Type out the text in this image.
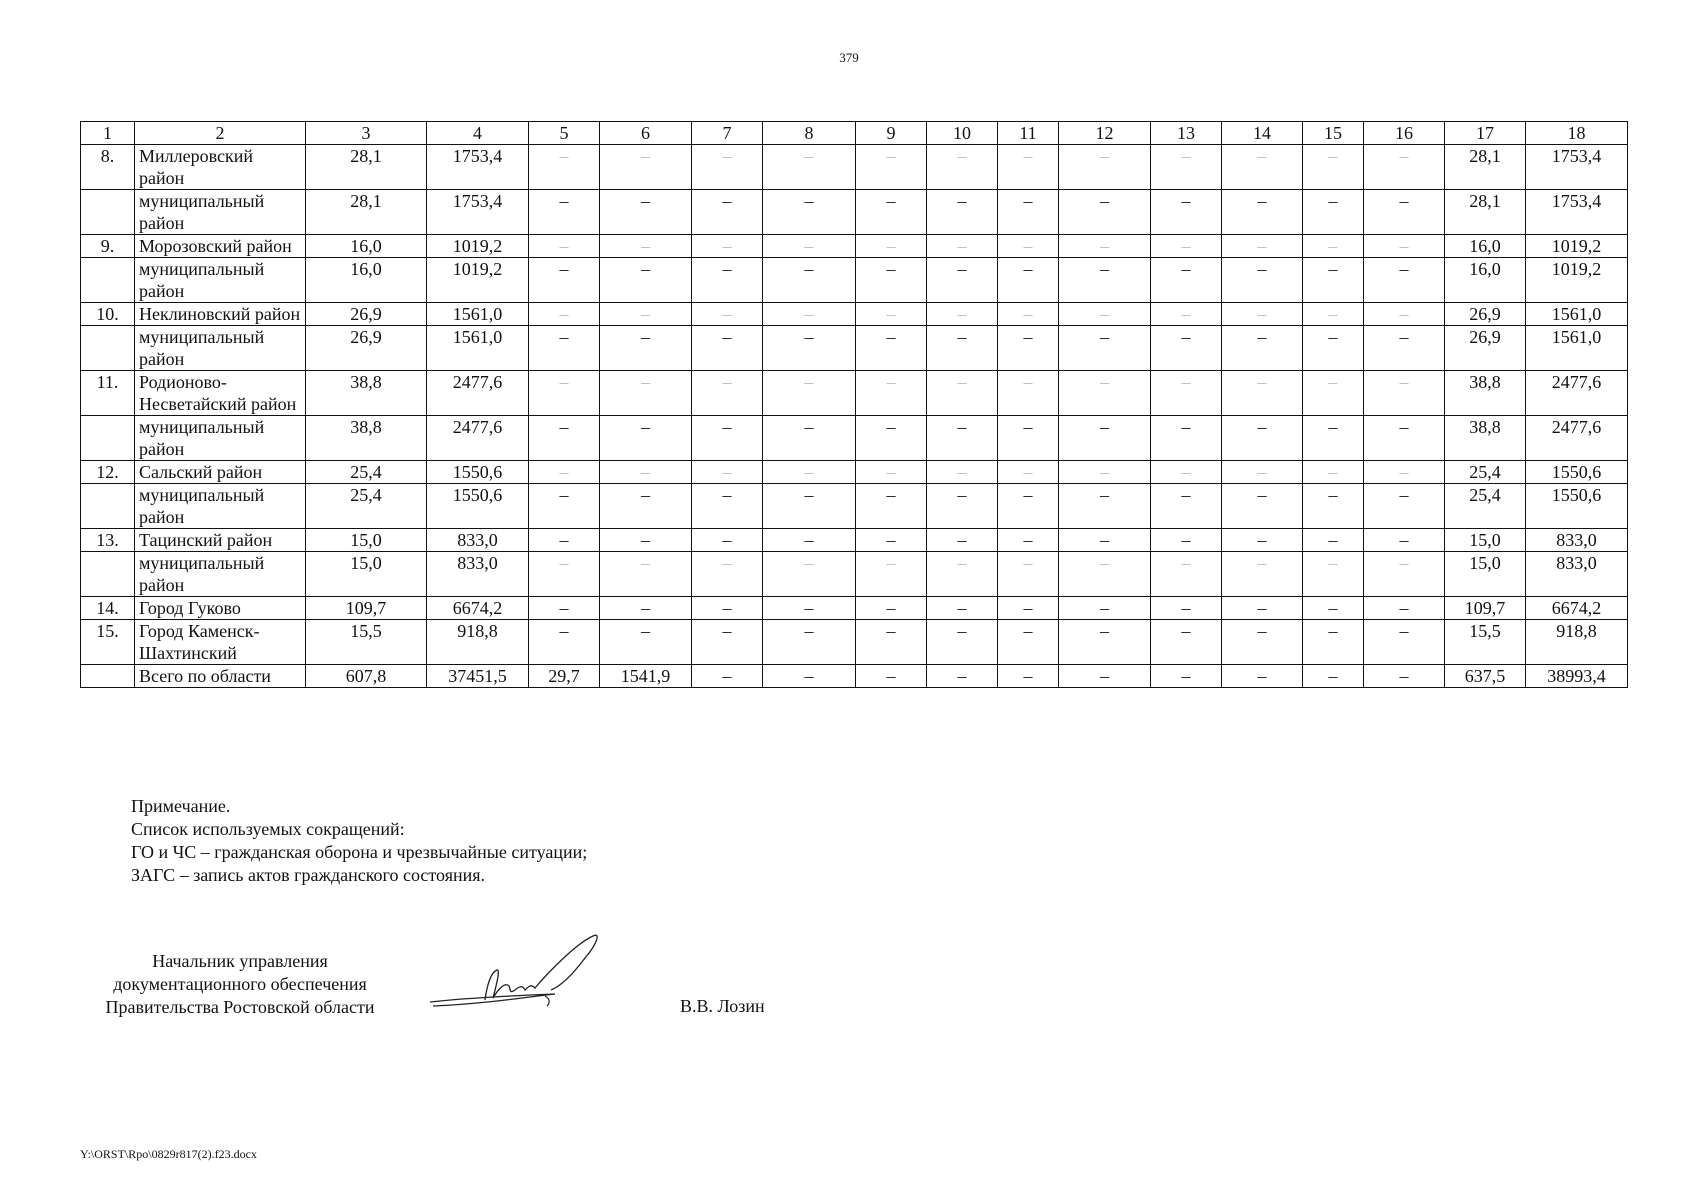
379
1	2	3	4	5	6	7	8	9	10	11	12	13	14	15	16	17	18
8.	Миллеровский район	28,1	1753,4	–	–	–	–	–	–	–	–	–	–	–	–	28,1	1753,4
	муниципальный район	28,1	1753,4	–	–	–	–	–	–	–	–	–	–	–	–	28,1	1753,4
9.	Морозовский район	16,0	1019,2	–	–	–	–	–	–	–	–	–	–	–	–	16,0	1019,2
	муниципальный район	16,0	1019,2	–	–	–	–	–	–	–	–	–	–	–	–	16,0	1019,2
10.	Неклиновский район	26,9	1561,0	–	–	–	–	–	–	–	–	–	–	–	–	26,9	1561,0
	муниципальный район	26,9	1561,0	–	–	–	–	–	–	–	–	–	–	–	–	26,9	1561,0
11.	Родионово-Несветайский район	38,8	2477,6	–	–	–	–	–	–	–	–	–	–	–	–	38,8	2477,6
	муниципальный район	38,8	2477,6	–	–	–	–	–	–	–	–	–	–	–	–	38,8	2477,6
12.	Сальский район	25,4	1550,6	–	–	–	–	–	–	–	–	–	–	–	–	25,4	1550,6
	муниципальный район	25,4	1550,6	–	–	–	–	–	–	–	–	–	–	–	–	25,4	1550,6
13.	Тацинский район	15,0	833,0	–	–	–	–	–	–	–	–	–	–	–	–	15,0	833,0
	муниципальный район	15,0	833,0	–	–	–	–	–	–	–	–	–	–	–	–	15,0	833,0
14.	Город Гуково	109,7	6674,2	–	–	–	–	–	–	–	–	–	–	–	–	109,7	6674,2
15.	Город Каменск-Шахтинский	15,5	918,8	–	–	–	–	–	–	–	–	–	–	–	–	15,5	918,8
	Всего по области	607,8	37451,5	29,7	1541,9	–	–	–	–	–	–	–	–	–	–	637,5	38993,4
Примечание.
Список используемых сокращений:
ГО и ЧС – гражданская оборона и чрезвычайные ситуации;
ЗАГС – запись актов гражданского состояния.
Начальник управления
документационного обеспечения
Правительства Ростовской области	В.В. Лозин
Y:\ORST\Rpo\0829r817(2).f23.docx
